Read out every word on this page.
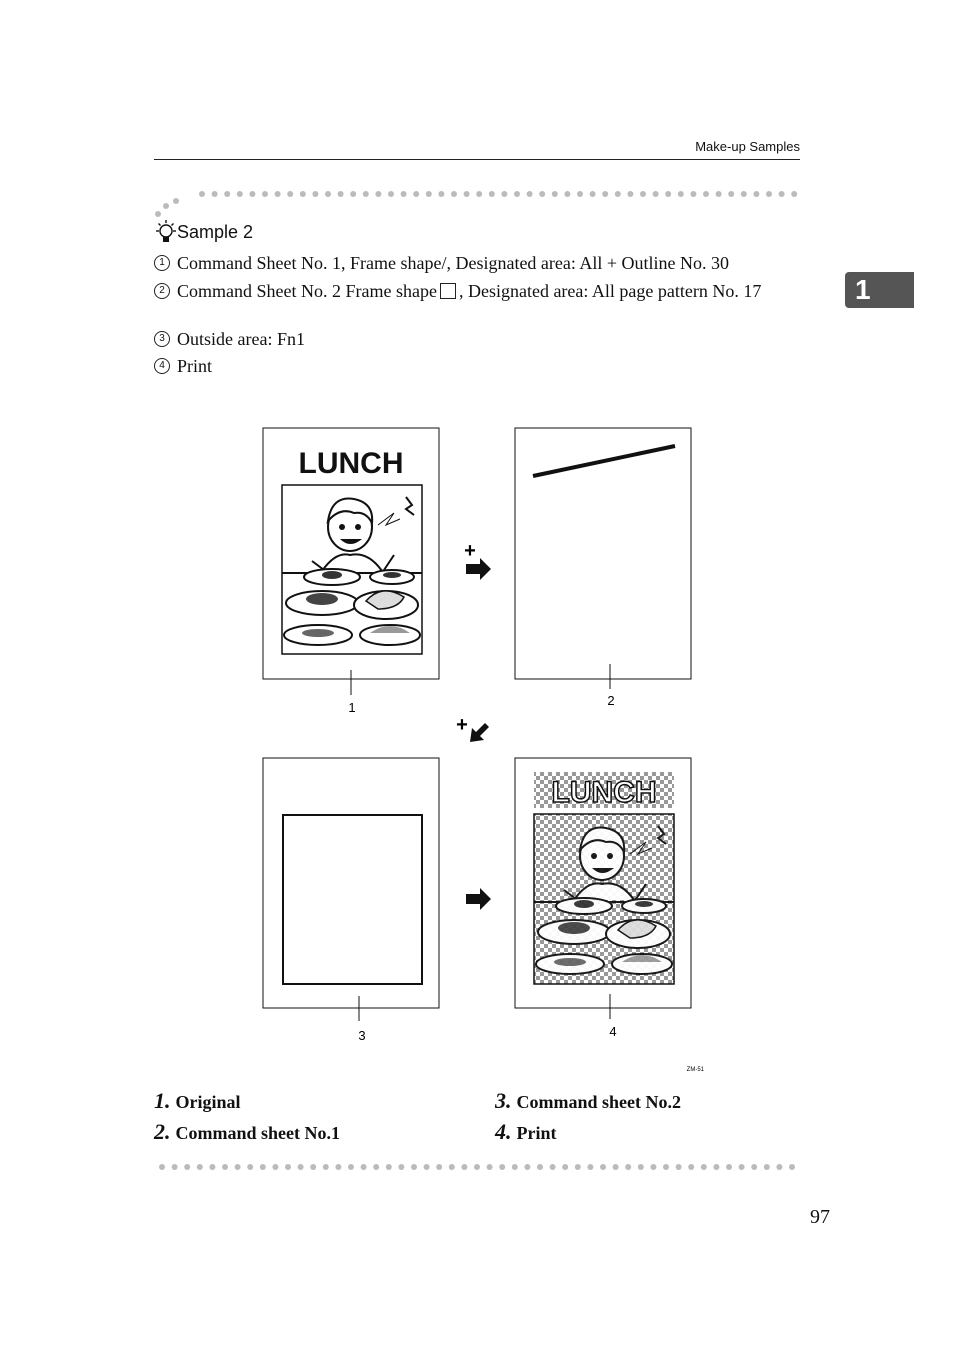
Make-up Samples
1
Sample 2
1 Command Sheet No. 1, Frame shape/, Designated area: All + Outline No. 30
2 Command Sheet No. 2 Frame shape , Designated area: All page pattern No. 17
3 Outside area: Fn1
4 Print
LUNCH
1
+
2
+
3
LUNCH
4
ZM-51
1. Original
2. Command sheet No.1
3. Command sheet No.2
4. Print
97
